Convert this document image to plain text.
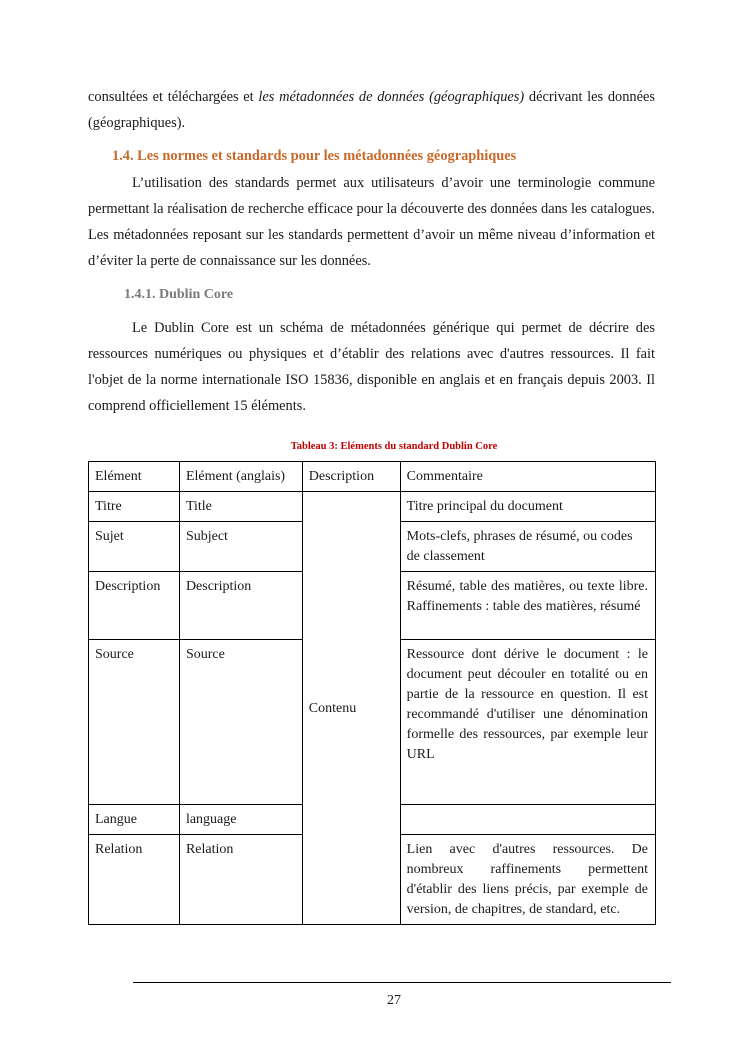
consultées et téléchargées et les métadonnées de données (géographiques) décrivant les données (géographiques).

1.4. Les normes et standards pour les métadonnées géographiques

L’utilisation des standards permet aux utilisateurs d’avoir une terminologie commune permettant la réalisation de recherche efficace pour la découverte des données dans les catalogues. Les métadonnées reposant sur les standards permettent d’avoir un même niveau d’information et d’éviter la perte de connaissance sur les données.

1.4.1. Dublin Core

Le Dublin Core est un schéma de métadonnées générique qui permet de décrire des ressources numériques ou physiques et d’établir des relations avec d'autres ressources. Il fait l'objet de la norme internationale ISO 15836, disponible en anglais et en français depuis 2003. Il comprend officiellement 15 éléments.

Tableau 3: Eléments du standard Dublin Core
Elément	Elément (anglais)	Description	Commentaire
Titre	Title	Contenu	Titre principal du document
Sujet	Subject		Mots-clefs, phrases de résumé, ou codes de classement
Description	Description		Résumé, table des matières, ou texte libre. Raffinements : table des matières, résumé
Source	Source		Ressource dont dérive le document : le document peut découler en totalité ou en partie de la ressource en question. Il est recommandé d'utiliser une dénomination formelle des ressources, par exemple leur URL
Langue	language		
Relation	Relation		Lien avec d'autres ressources. De nombreux raffinements permettent d'établir des liens précis, par exemple de version, de chapitres, de standard, etc.
27
